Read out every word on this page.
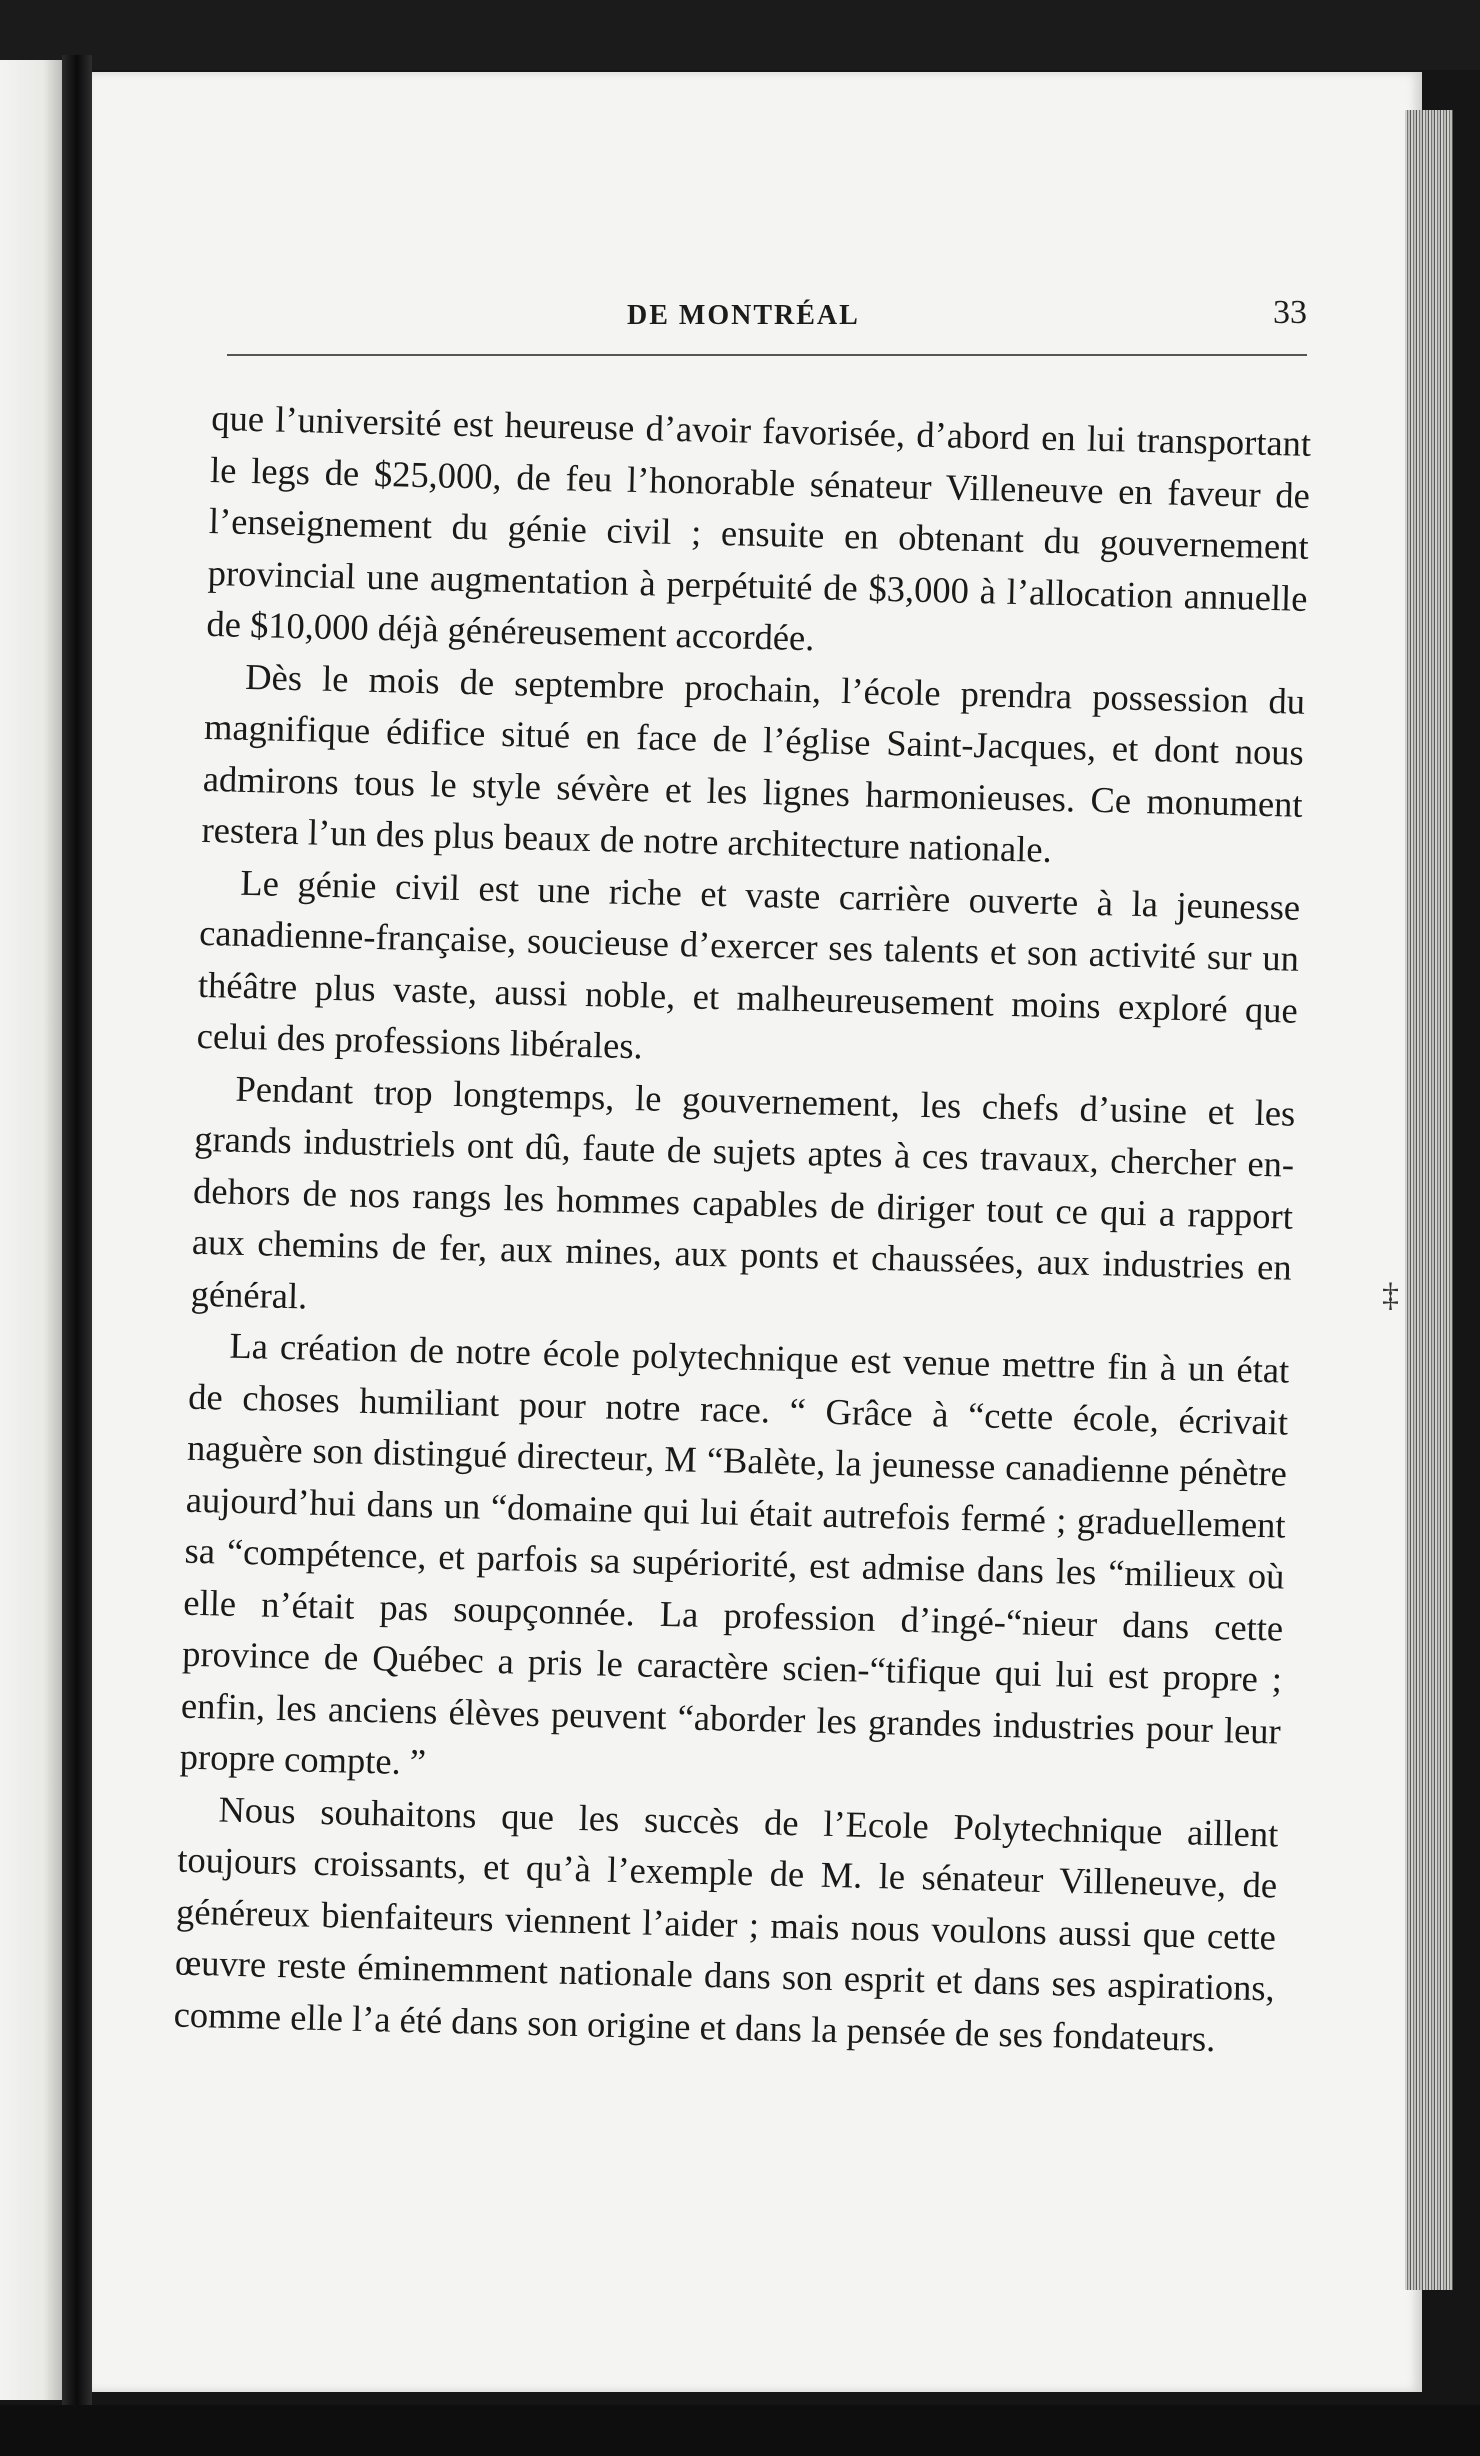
DE MONTRÉAL	33

que l’université est heureuse d’avoir favorisée, d’abord en lui transportant le legs de $25,000, de feu l’honorable sénateur Villeneuve en faveur de l’enseignement du génie civil ; ensuite en obtenant du gouvernement provincial une augmentation à perpétuité de $3,000 à l’allocation annuelle de $10,000 déjà généreusement accordée.

Dès le mois de septembre prochain, l’école prendra possession du magnifique édifice situé en face de l’église Saint-Jacques, et dont nous admirons tous le style sévère et les lignes harmonieuses. Ce monument restera l’un des plus beaux de notre architecture nationale.

Le génie civil est une riche et vaste carrière ouverte à la jeunesse canadienne-française, soucieuse d’exercer ses talents et son activité sur un théâtre plus vaste, aussi noble, et malheureusement moins exploré que celui des professions libérales.

Pendant trop longtemps, le gouvernement, les chefs d’usine et les grands industriels ont dû, faute de sujets aptes à ces travaux, chercher en-dehors de nos rangs les hommes capables de diriger tout ce qui a rapport aux chemins de fer, aux mines, aux ponts et chaussées, aux industries en général.

La création de notre école polytechnique est venue mettre fin à un état de choses humiliant pour notre race. “ Grâce à “cette école, écrivait naguère son distingué directeur, M “Balète, la jeunesse canadienne pénètre aujourd’hui dans un “domaine qui lui était autrefois fermé ; graduellement sa “compétence, et parfois sa supériorité, est admise dans les “milieux où elle n’était pas soupçonnée. La profession d’ingé-“nieur dans cette province de Québec a pris le caractère scien-“tifique qui lui est propre ; enfin, les anciens élèves peuvent “aborder les grandes industries pour leur propre compte. ”

Nous souhaitons que les succès de l’Ecole Polytechnique aillent toujours croissants, et qu’à l’exemple de M. le sénateur Villeneuve, de généreux bienfaiteurs viennent l’aider ; mais nous voulons aussi que cette œuvre reste éminemment nationale dans son esprit et dans ses aspirations, comme elle l’a été dans son origine et dans la pensée de ses fondateurs.

‡
